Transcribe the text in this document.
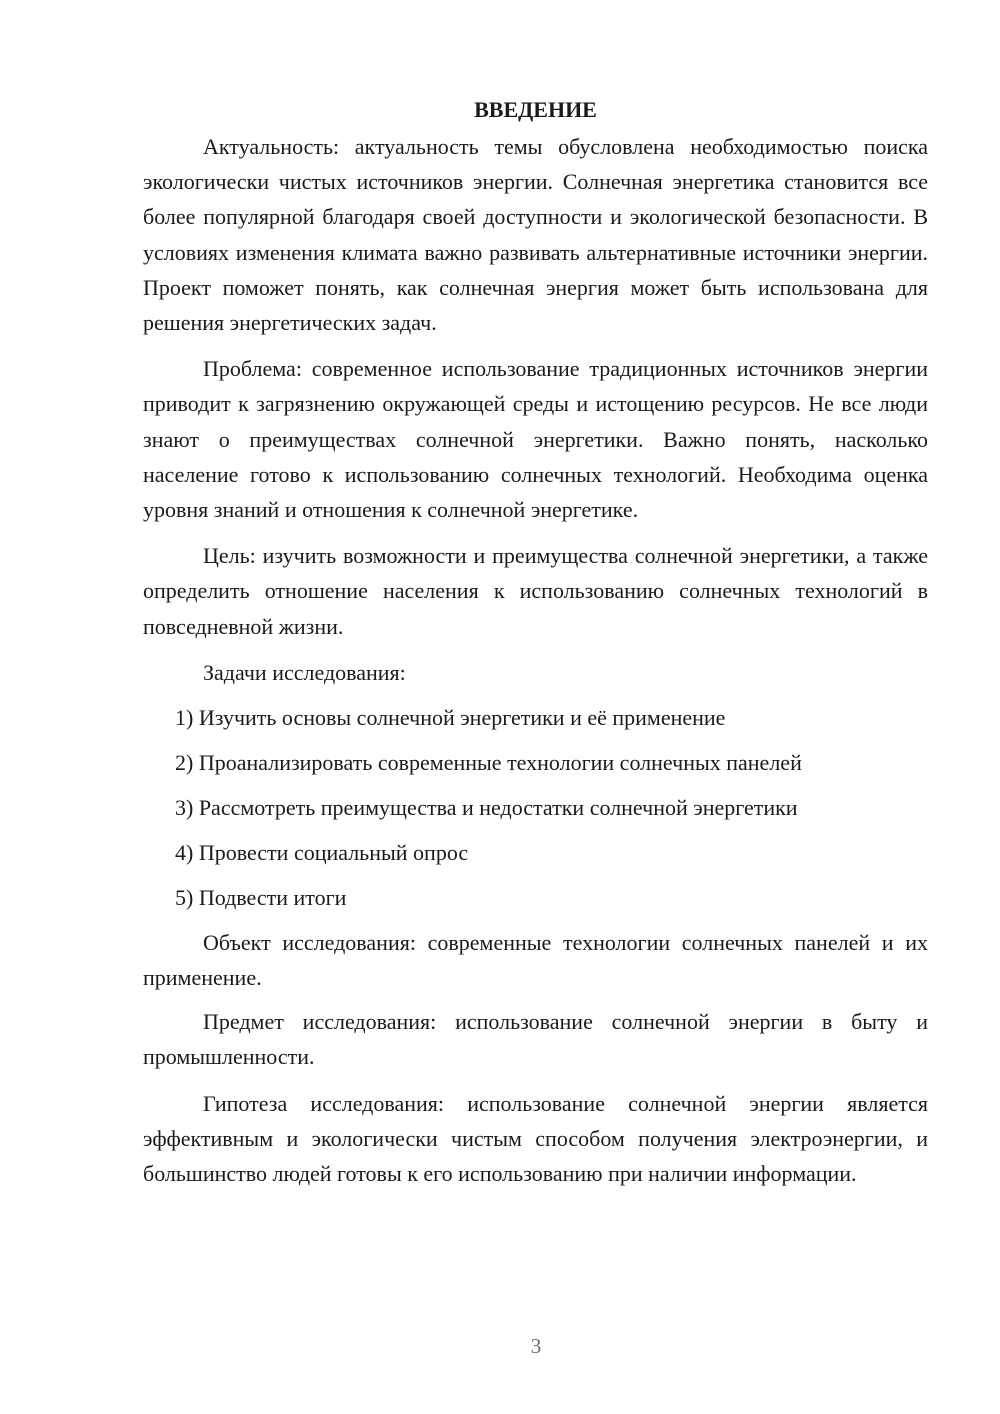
ВВЕДЕНИЕ

Актуальность: актуальность темы обусловлена необходимостью поиска экологически чистых источников энергии. Солнечная энергетика становится все более популярной благодаря своей доступности и экологической безопасности. В условиях изменения климата важно развивать альтернативные источники энергии. Проект поможет понять, как солнечная энергия может быть использована для решения энергетических задач.

Проблема: современное использование традиционных источников энергии приводит к загрязнению окружающей среды и истощению ресурсов. Не все люди знают о преимуществах солнечной энергетики. Важно понять, насколько население готово к использованию солнечных технологий. Необходима оценка уровня знаний и отношения к солнечной энергетике.

Цель: изучить возможности и преимущества солнечной энергетики, а также определить отношение населения к использованию солнечных технологий в повседневной жизни.

Задачи исследования:

1) Изучить основы солнечной энергетики и её применение
2) Проанализировать современные технологии солнечных панелей
3) Рассмотреть преимущества и недостатки солнечной энергетики
4) Провести социальный опрос
5) Подвести итоги

Объект исследования: современные технологии солнечных панелей и их применение.

Предмет исследования: использование солнечной энергии в быту и промышленности.

Гипотеза исследования: использование солнечной энергии является эффективным и экологически чистым способом получения электроэнергии, и большинство людей готовы к его использованию при наличии информации.

3
